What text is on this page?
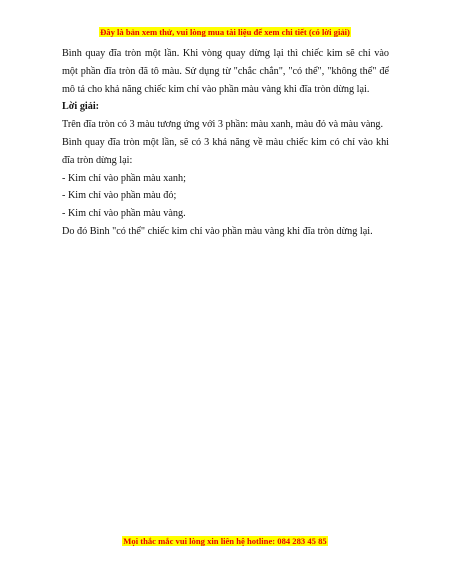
Đây là bản xem thử, vui lòng mua tài liệu để xem chi tiết (có lời giải)

Bình quay đĩa tròn một lần. Khi vòng quay dừng lại thì chiếc kim sẽ chỉ vào một phần đĩa tròn đã tô màu. Sử dụng từ "chắc chắn", "có thể", "không thể" để mô tả cho khả năng chiếc kim chỉ vào phần màu vàng khi đĩa tròn dừng lại.

Lời giải:

Trên đĩa tròn có 3 màu tương ứng với 3 phần: màu xanh, màu đỏ và màu vàng.

Bình quay đĩa tròn một lần, sẽ có 3 khả năng về màu chiếc kim có chỉ vào khi đĩa tròn dừng lại:

- Kim chỉ vào phần màu xanh;

- Kim chỉ vào phần màu đỏ;

- Kim chỉ vào phần màu vàng.

Do đó Bình "có thể" chiếc kim chỉ vào phần màu vàng khi đĩa tròn dừng lại.

Mọi thắc mắc vui lòng xin liên hệ hotline: 084 283 45 85
